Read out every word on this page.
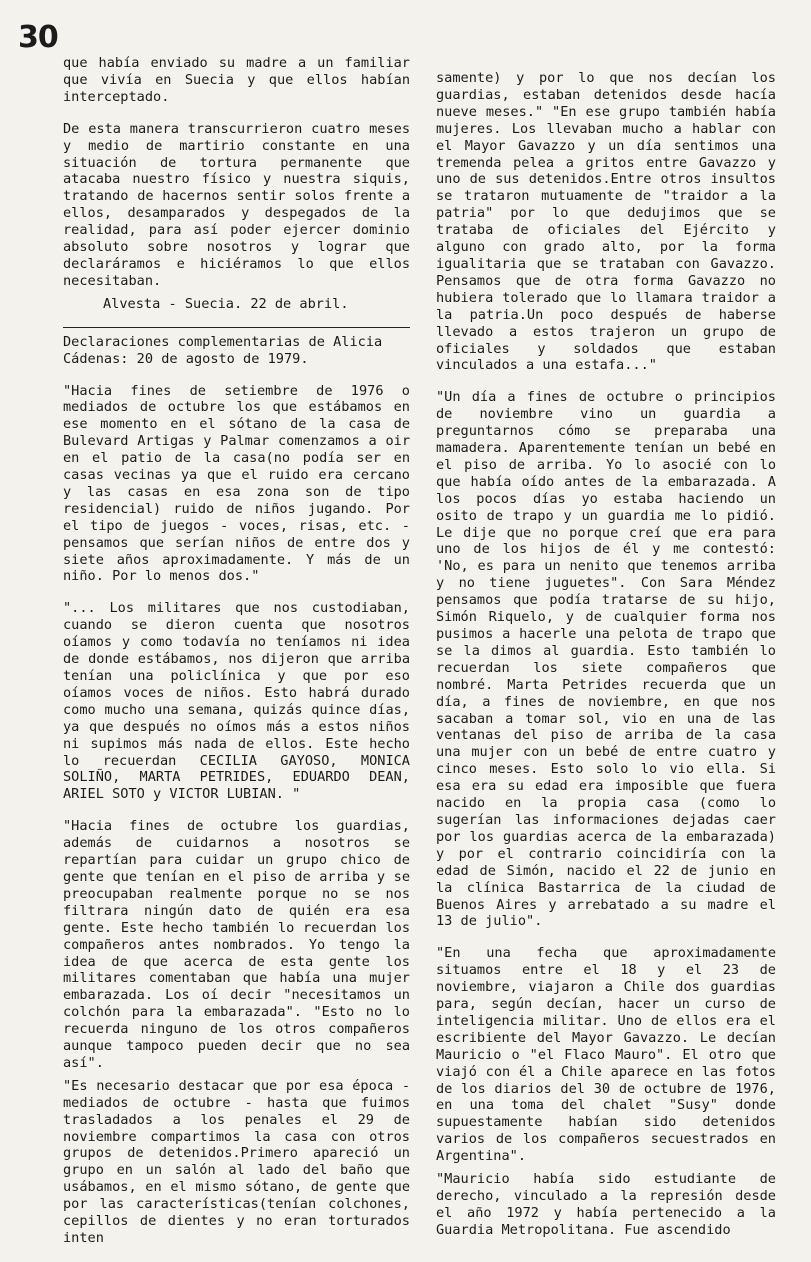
30

que había enviado su madre a un familiar que vivía en Suecia y que ellos habían interceptado.

De esta manera transcurrieron cuatro meses y medio de martirio constante en una situación de tortura permanente que atacaba nuestro físico y nuestra siquis, tratando de hacernos sentir solos frente a ellos, desamparados y despegados de la realidad, para así poder ejercer dominio absoluto sobre nosotros y lograr que declaráramos e hiciéramos lo que ellos necesitaban.

Alvesta - Suecia. 22 de abril.

Declaraciones complementarias de Alicia Cádenas: 20 de agosto de 1979.

"Hacia fines de setiembre de 1976 o mediados de octubre los que estábamos en ese momento en el sótano de la casa de Bulevard Artigas y Palmar comenzamos a oir en el patio de la casa(no podía ser en casas vecinas ya que el ruido era cercano y las casas en esa zona son de tipo residencial) ruido de niños jugando. Por el tipo de juegos - voces, risas, etc. - pensamos que serían niños de entre dos y siete años aproximadamente. Y más de un niño. Por lo menos dos."

"... Los militares que nos custodiaban, cuando se dieron cuenta que nosotros oíamos y como todavía no teníamos ni idea de donde estábamos, nos dijeron que arriba tenían una policlínica y que por eso oíamos voces de niños. Esto habrá durado como mucho una semana, quizás quince días, ya que después no oímos más a estos niños ni supimos más nada de ellos. Este hecho lo recuerdan CECILIA GAYOSO, MONICA SOLIÑO, MARTA PETRIDES, EDUARDO DEAN, ARIEL SOTO y VICTOR LUBIAN. "

"Hacia fines de octubre los guardias, además de cuidarnos a nosotros se repartían para cuidar un grupo chico de gente que tenían en el piso de arriba y se preocupaban realmente porque no se nos filtrara ningún dato de quién era esa gente. Este hecho también lo recuerdan los compañeros antes nombrados. Yo tengo la idea de que acerca de esta gente los militares comentaban que había una mujer embarazada. Los oí decir "necesitamos un colchón para la embarazada". "Esto no lo recuerda ninguno de los otros compañeros aunque tampoco pueden decir que no sea así".

"Es necesario destacar que por esa época - mediados de octubre - hasta que fuimos trasladados a los penales el 29 de noviembre compartimos la casa con otros grupos de detenidos.Primero apareció un grupo en un salón al lado del baño que usábamos, en el mismo sótano, de gente que por las características(tenían colchones, cepillos de dientes y no eran torturados inten

samente) y por lo que nos decían los guardias, estaban detenidos desde hacía nueve meses." "En ese grupo también había mujeres. Los llevaban mucho a hablar con el Mayor Gavazzo y un día sentimos una tremenda pelea a gritos entre Gavazzo y uno de sus detenidos.Entre otros insultos se trataron mutuamente de "traidor a la patria" por lo que dedujimos que se trataba de oficiales del Ejército y alguno con grado alto, por la forma igualitaria que se trataban con Gavazzo. Pensamos que de otra forma Gavazzo no hubiera tolerado que lo llamara traidor a la patria.Un poco después de haberse llevado a estos trajeron un grupo de oficiales y soldados que estaban vinculados a una estafa..."

"Un día a fines de octubre o principios de noviembre vino un guardia a preguntarnos cómo se preparaba una mamadera. Aparentemente tenían un bebé en el piso de arriba. Yo lo asocié con lo que había oído antes de la embarazada. A los pocos días yo estaba haciendo un osito de trapo y un guardia me lo pidió. Le dije que no porque creí que era para uno de los hijos de él y me contestó: 'No, es para un nenito que tenemos arriba y no tiene juguetes". Con Sara Méndez pensamos que podía tratarse de su hijo, Simón Riquelo, y de cualquier forma nos pusimos a hacerle una pelota de trapo que se la dimos al guardia. Esto también lo recuerdan los siete compañeros que nombré. Marta Petrides recuerda que un día, a fines de noviembre, en que nos sacaban a tomar sol, vio en una de las ventanas del piso de arriba de la casa una mujer con un bebé de entre cuatro y cinco meses. Esto solo lo vio ella. Si esa era su edad era imposible que fuera nacido en la propia casa (como lo sugerían las informaciones dejadas caer por los guardias acerca de la embarazada) y por el contrario coincidiría con la edad de Simón, nacido el 22 de junio en la clínica Bastarrica de la ciudad de Buenos Aires y arrebatado a su madre el 13 de julio".

"En una fecha que aproximadamente situamos entre el 18 y el 23 de noviembre, viajaron a Chile dos guardias para, según decían, hacer un curso de inteligencia militar. Uno de ellos era el escribiente del Mayor Gavazzo. Le decían Mauricio o "el Flaco Mauro". El otro que viajó con él a Chile aparece en las fotos de los diarios del 30 de octubre de 1976, en una toma del chalet "Susy" donde supuestamente habían sido detenidos varios de los compañeros secuestrados en Argentina".

"Mauricio había sido estudiante de derecho, vinculado a la represión desde el año 1972 y había pertenecido a la Guardia Metropolitana. Fue ascendido
